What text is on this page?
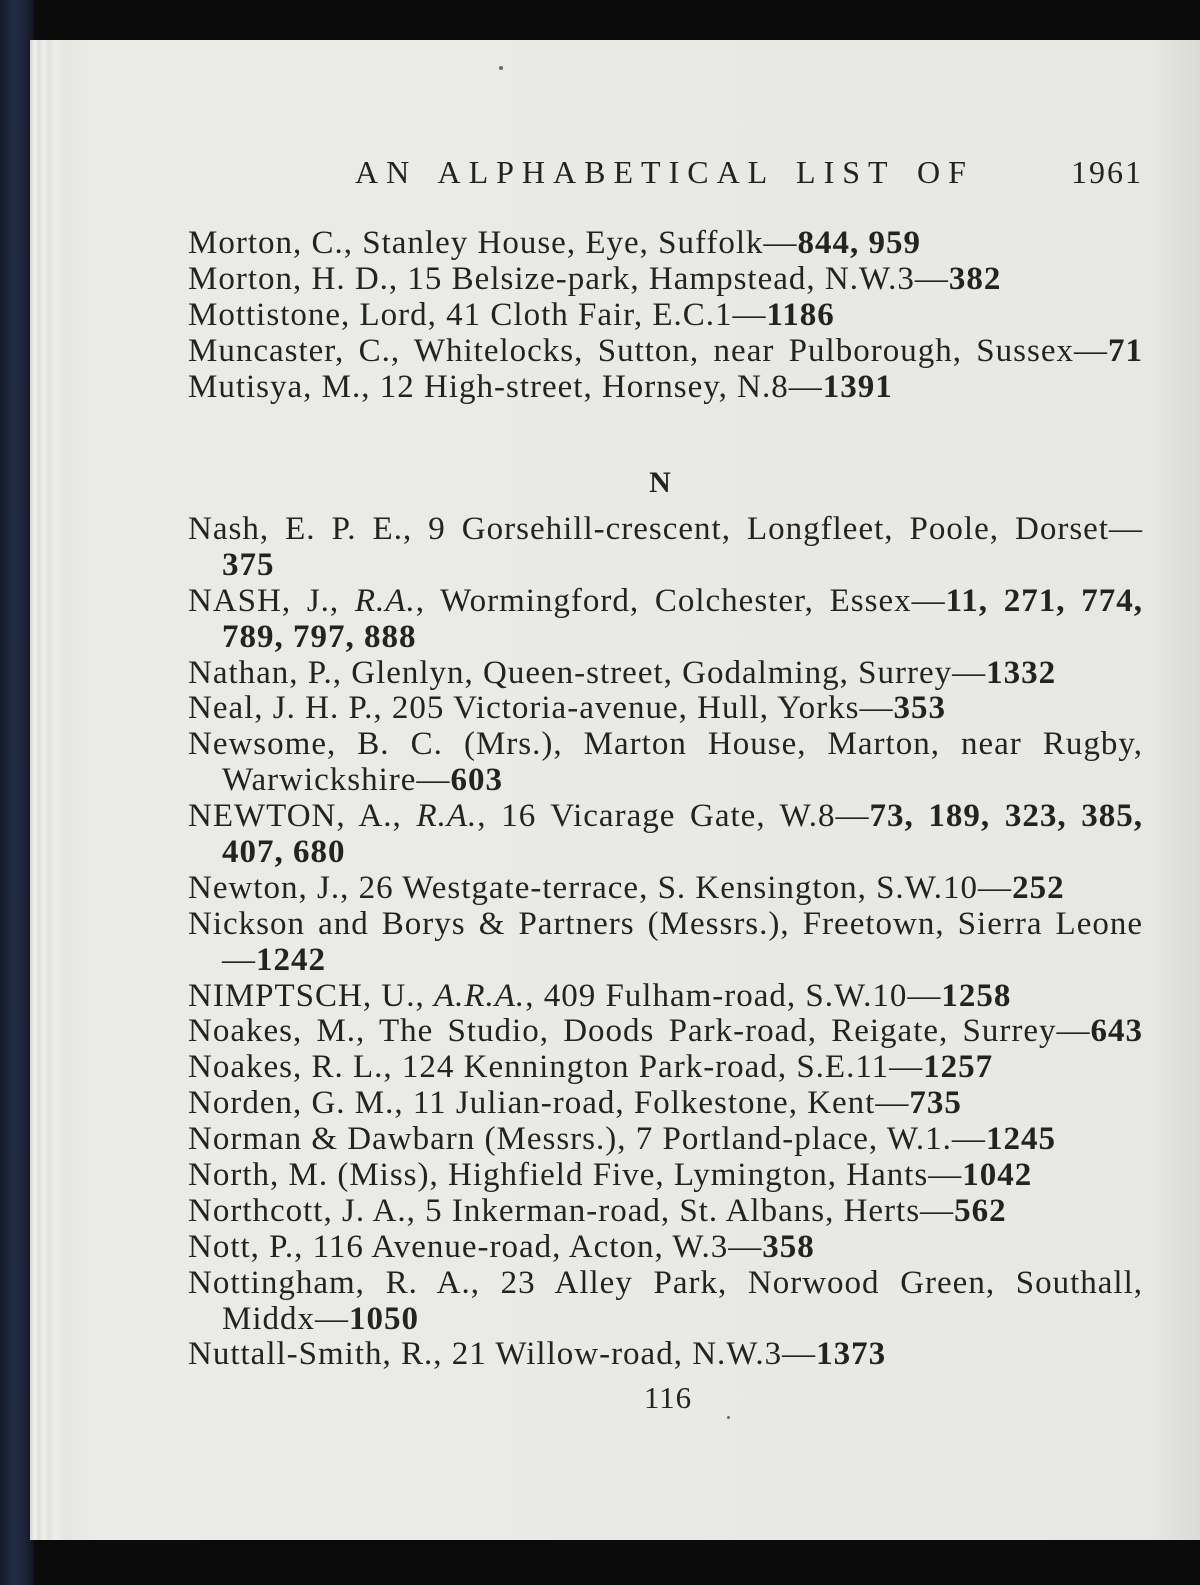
AN ALPHABETICAL LIST OF	1961
Morton, C., Stanley House, Eye, Suffolk—844, 959
Morton, H. D., 15 Belsize-park, Hampstead, N.W.3—382
Mottistone, Lord, 41 Cloth Fair, E.C.1—1186
Muncaster, C., Whitelocks, Sutton, near Pulborough, Sussex—71
Mutisya, M., 12 High-street, Hornsey, N.8—1391
N
Nash, E. P. E., 9 Gorsehill-crescent, Longfleet, Poole, Dorset—
375
NASH, J., R.A., Wormingford, Colchester, Essex—11, 271, 774,
789, 797, 888
Nathan, P., Glenlyn, Queen-street, Godalming, Surrey—1332
Neal, J. H. P., 205 Victoria-avenue, Hull, Yorks—353
Newsome, B. C. (Mrs.), Marton House, Marton, near Rugby,
Warwickshire—603
NEWTON, A., R.A., 16 Vicarage Gate, W.8—73, 189, 323, 385,
407, 680
Newton, J., 26 Westgate-terrace, S. Kensington, S.W.10—252
Nickson and Borys & Partners (Messrs.), Freetown, Sierra Leone
—1242
NIMPTSCH, U., A.R.A., 409 Fulham-road, S.W.10—1258
Noakes, M., The Studio, Doods Park-road, Reigate, Surrey—643
Noakes, R. L., 124 Kennington Park-road, S.E.11—1257
Norden, G. M., 11 Julian-road, Folkestone, Kent—735
Norman & Dawbarn (Messrs.), 7 Portland-place, W.1.—1245
North, M. (Miss), Highfield Five, Lymington, Hants—1042
Northcott, J. A., 5 Inkerman-road, St. Albans, Herts—562
Nott, P., 116 Avenue-road, Acton, W.3—358
Nottingham, R. A., 23 Alley Park, Norwood Green, Southall,
Middx—1050
Nuttall-Smith, R., 21 Willow-road, N.W.3—1373
116
